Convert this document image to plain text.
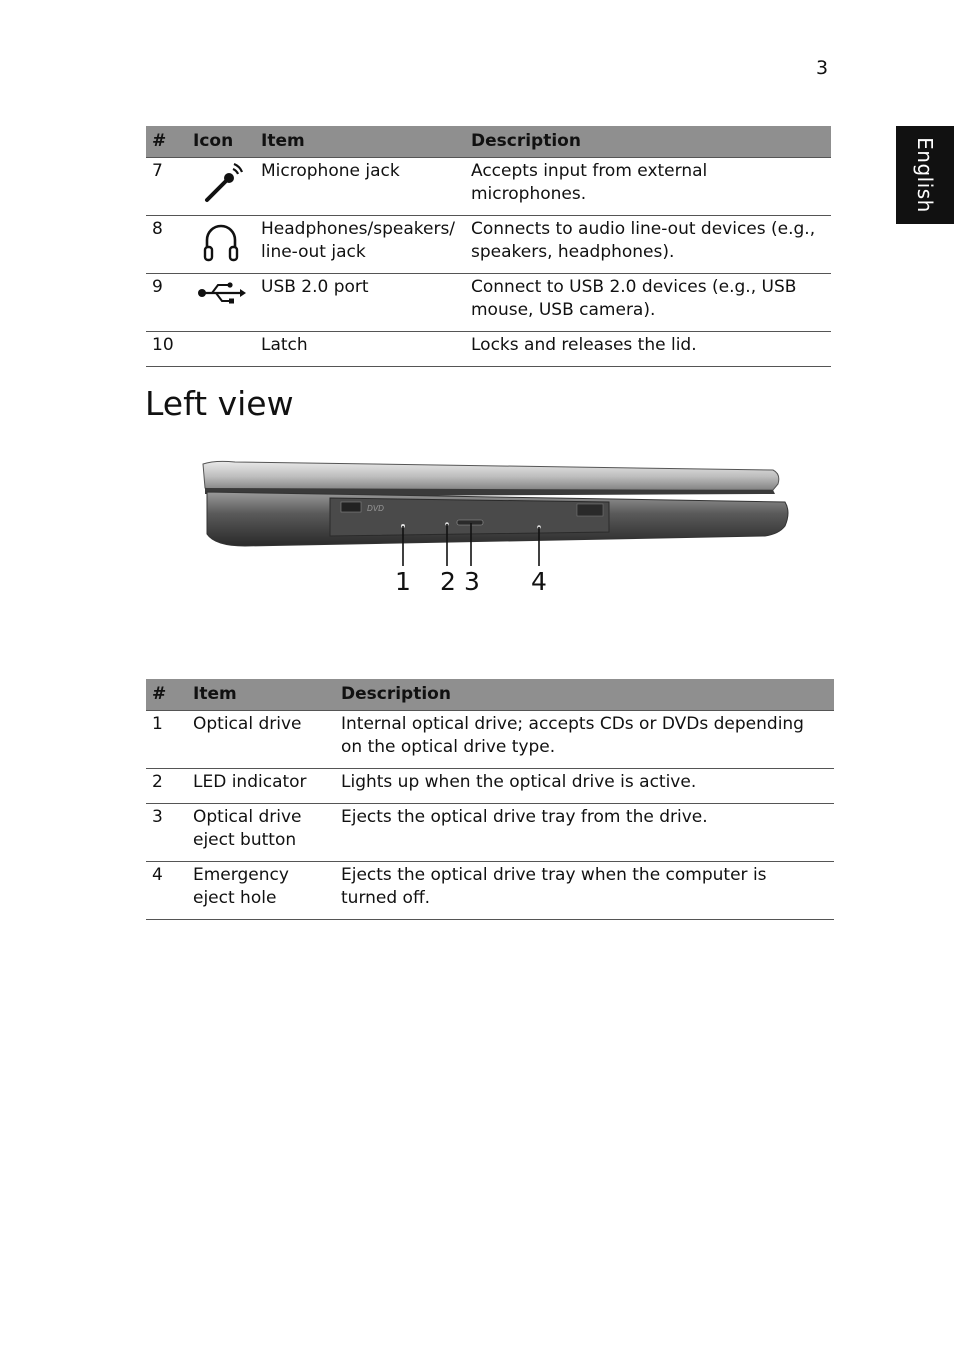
3
English
#	Icon	Item	Description
7		Microphone jack	Accepts input from external microphones.
8		Headphones/speakers/ line-out jack	Connects to audio line-out devices (e.g., speakers, headphones).
9		USB 2.0 port	Connect to USB 2.0 devices (e.g., USB mouse, USB camera).
10		Latch	Locks and releases the lid.
Left view
DVD
1 2 3 4
#	Item	Description
1	Optical drive	Internal optical drive; accepts CDs or DVDs depending on the optical drive type.
2	LED indicator	Lights up when the optical drive is active.
3	Optical drive eject button	Ejects the optical drive tray from the drive.
4	Emergency eject hole	Ejects the optical drive tray when the computer is turned off.
